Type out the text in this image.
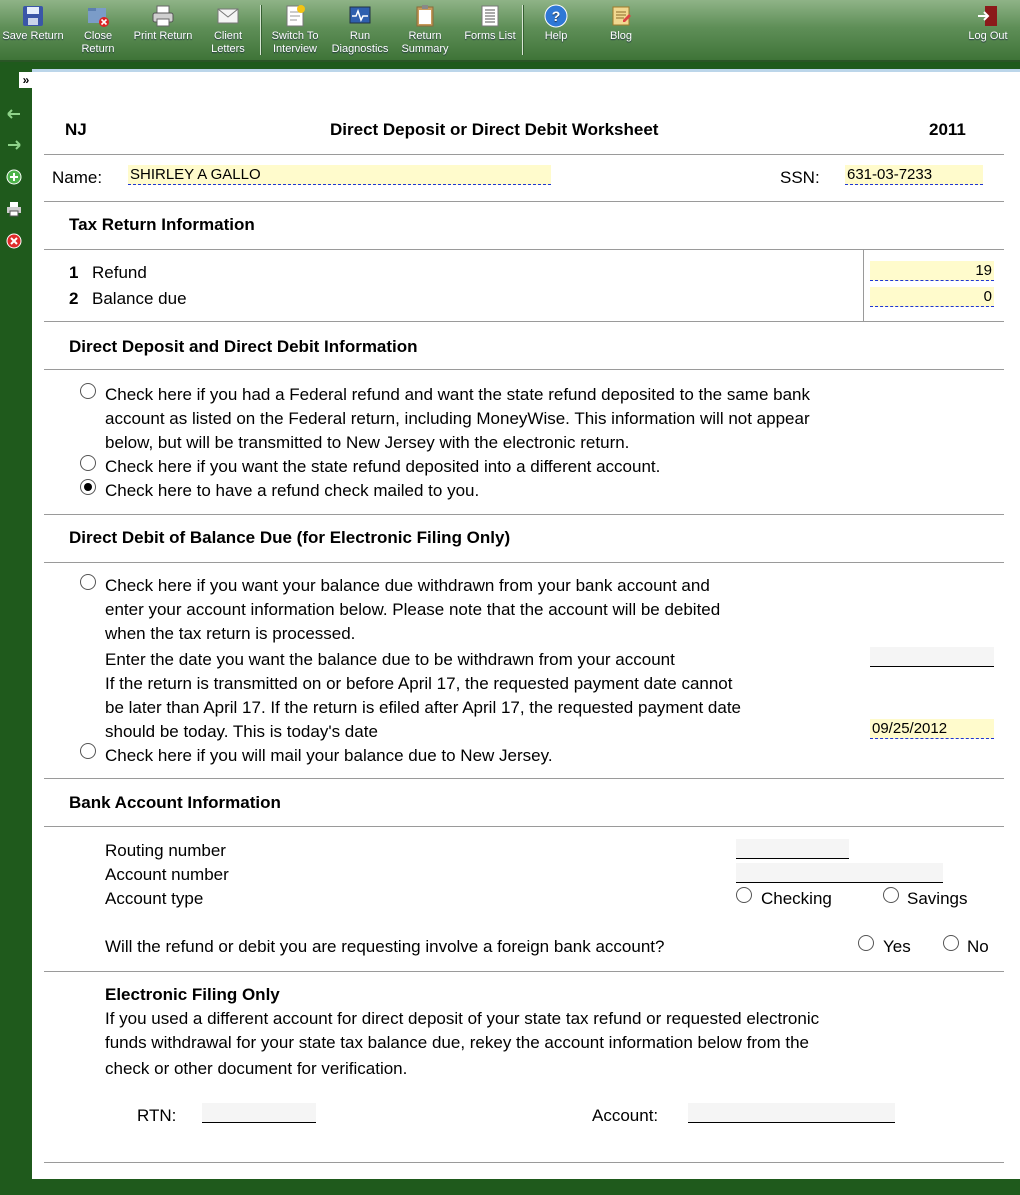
Save Return	Close Return
Print Return	Client Letters
Switch To Interview
Run Diagnostics
Return Summary
Forms List
?
Help	Blog	Log Out
»
NJ	Direct Deposit or Direct Debit Worksheet	2011
Name: SHIRLEY A GALLO	SSN: 631-03-7233
Tax Return Information
1 Refund	19
2 Balance due	0
Direct Deposit and Direct Debit Information
Check here if you had a Federal refund and want the state refund deposited to the same bank
account as listed on the Federal return, including MoneyWise. This information will not appear
below, but will be transmitted to New Jersey with the electronic return.
Check here if you want the state refund deposited into a different account.
Check here to have a refund check mailed to you.
Direct Debit of Balance Due (for Electronic Filing Only)
Check here if you want your balance due withdrawn from your bank account and
enter your account information below. Please note that the account will be debited
when the tax return is processed.
Enter the date you want the balance due to be withdrawn from your account
If the return is transmitted on or before April 17, the requested payment date cannot
be later than April 17. If the return is efiled after April 17, the requested payment date
should be today. This is today's date	09/25/2012
Check here if you will mail your balance due to New Jersey.
Bank Account Information
Routing number
Account number
Account type	Checking	Savings
Will the refund or debit you are requesting involve a foreign bank account?	Yes	No
Electronic Filing Only
If you used a different account for direct deposit of your state tax refund or requested electronic
funds withdrawal for your state tax balance due, rekey the account information below from the
check or other document for verification.
RTN:	Account:
